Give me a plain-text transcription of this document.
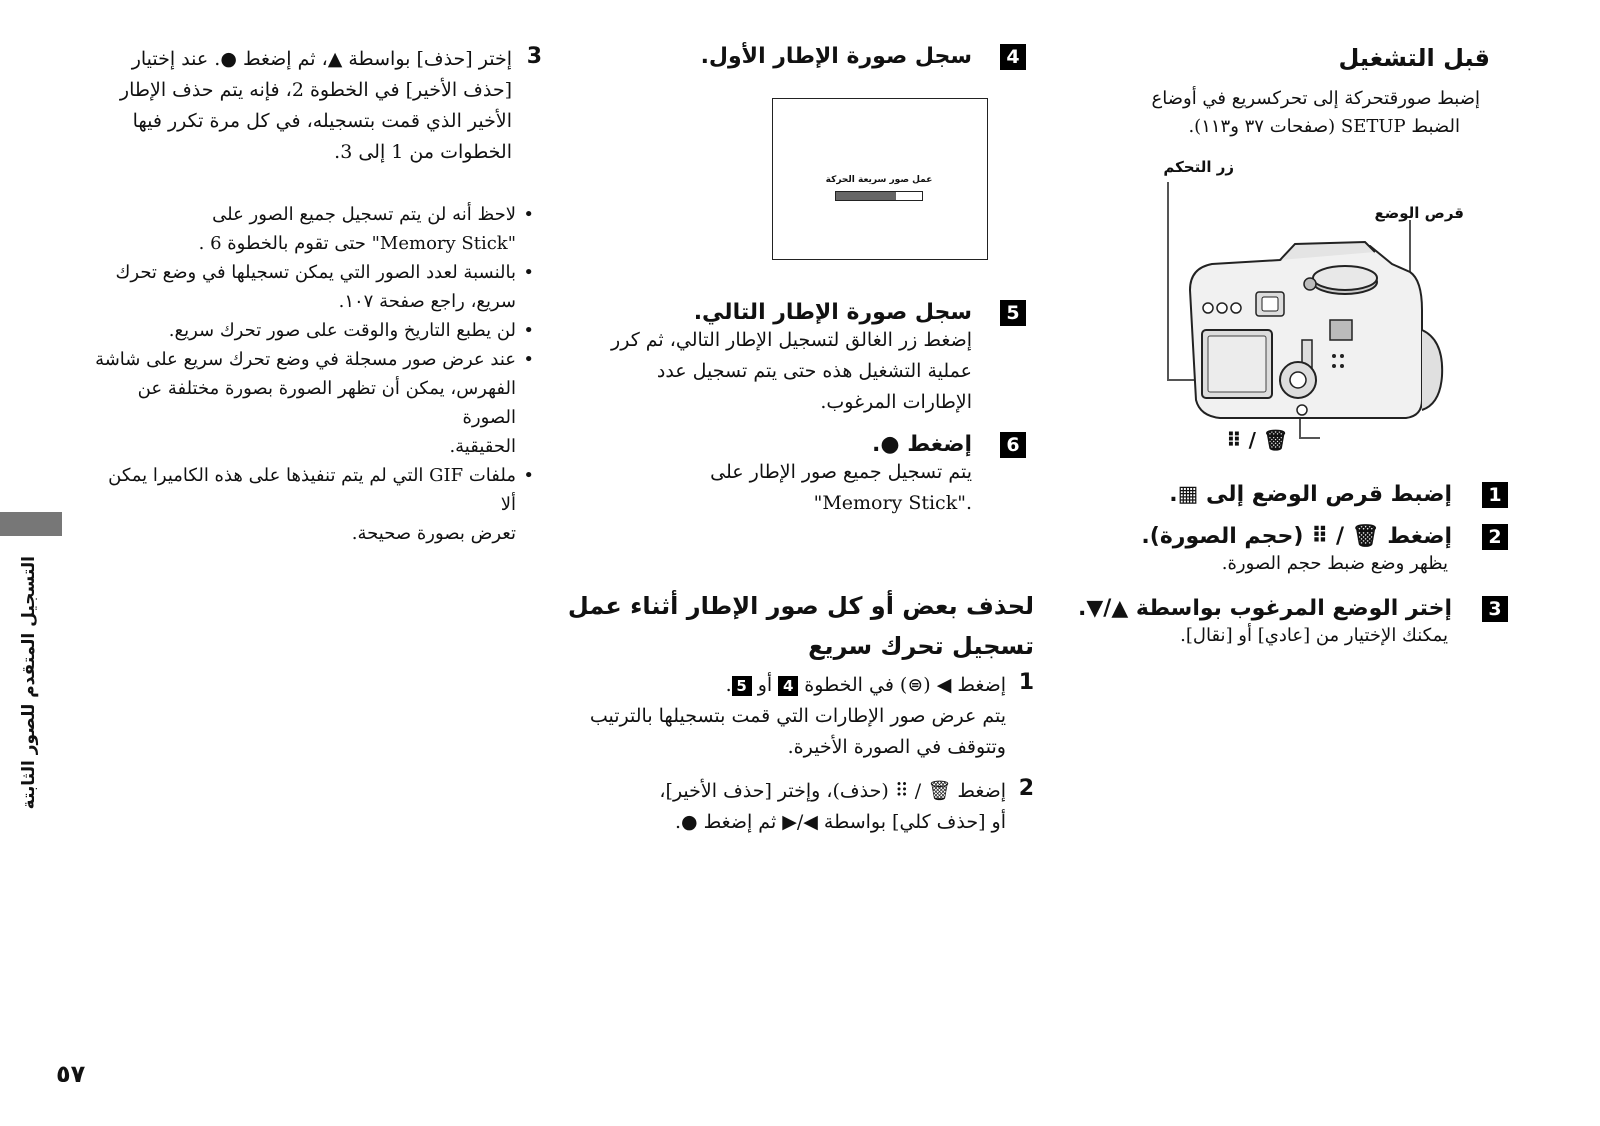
قبل التشغيل
إضبط صورقتحركة إلى تحركسريع في أوضاع
الضبط SETUP (صفحات ٣٧ و١١٣).
زر التحكم
قرص الوضع
⠿ / 🗑
1
إضبط قرص الوضع إلى ▦.
2
إضغط 🗑 / ⠿ (حجم الصورة).
يظهر وضع ضبط حجم الصورة.
3
إختر الوضع المرغوب بواسطة ▲/▼.
يمكنك الإختيار من [عادي] أو [نقال].
4
سجل صورة الإطار الأول.
عمل صور سريعة الحركة
5
سجل صورة الإطار التالي.
إضغط زر الغالق لتسجيل الإطار التالي، ثم كرر
عملية التشغيل هذه حتى يتم تسجيل عدد
الإطارات المرغوب.
6
إضغط ●.
يتم تسجيل جميع صور الإطار على
."Memory Stick"
لحذف بعض أو كل صور الإطار أثناء عمل
تسجيل تحرك سريع
1
إضغط ◀ (⊜) في الخطوة 4 أو 5.
يتم عرض صور الإطارات التي قمت بتسجيلها بالترتيب
وتتوقف في الصورة الأخيرة.
2
إضغط 🗑 / ⠿ (حذف)، وإختر [حذف الأخير]،
أو [حذف كلي] بواسطة ◀/▶ ثم إضغط ●.
3
إختر [حذف] بواسطة ▲، ثم إضغط ●. عند إختيار
[حذف الأخير] في الخطوة 2، فإنه يتم حذف الإطار
الأخير الذي قمت بتسجيله، في كل مرة تكرر فيها
الخطوات من 1 إلى 3.
• لاحظ أنه لن يتم تسجيل جميع الصور على
"Memory Stick" حتى تقوم بالخطوة 6 .
• بالنسبة لعدد الصور التي يمكن تسجيلها في وضع تحرك
سريع، راجع صفحة ١٠٧.
• لن يطبع التاريخ والوقت على صور تحرك سريع.
• عند عرض صور مسجلة في وضع تحرك سريع على شاشة
الفهرس، يمكن أن تظهر الصورة بصورة مختلفة عن الصورة
الحقيقية.
• ملفات GIF التي لم يتم تنفيذها على هذه الكاميرا يمكن ألا
تعرض بصورة صحيحة.
التسجيل المتقدم للصور الثابتة
٥٧
